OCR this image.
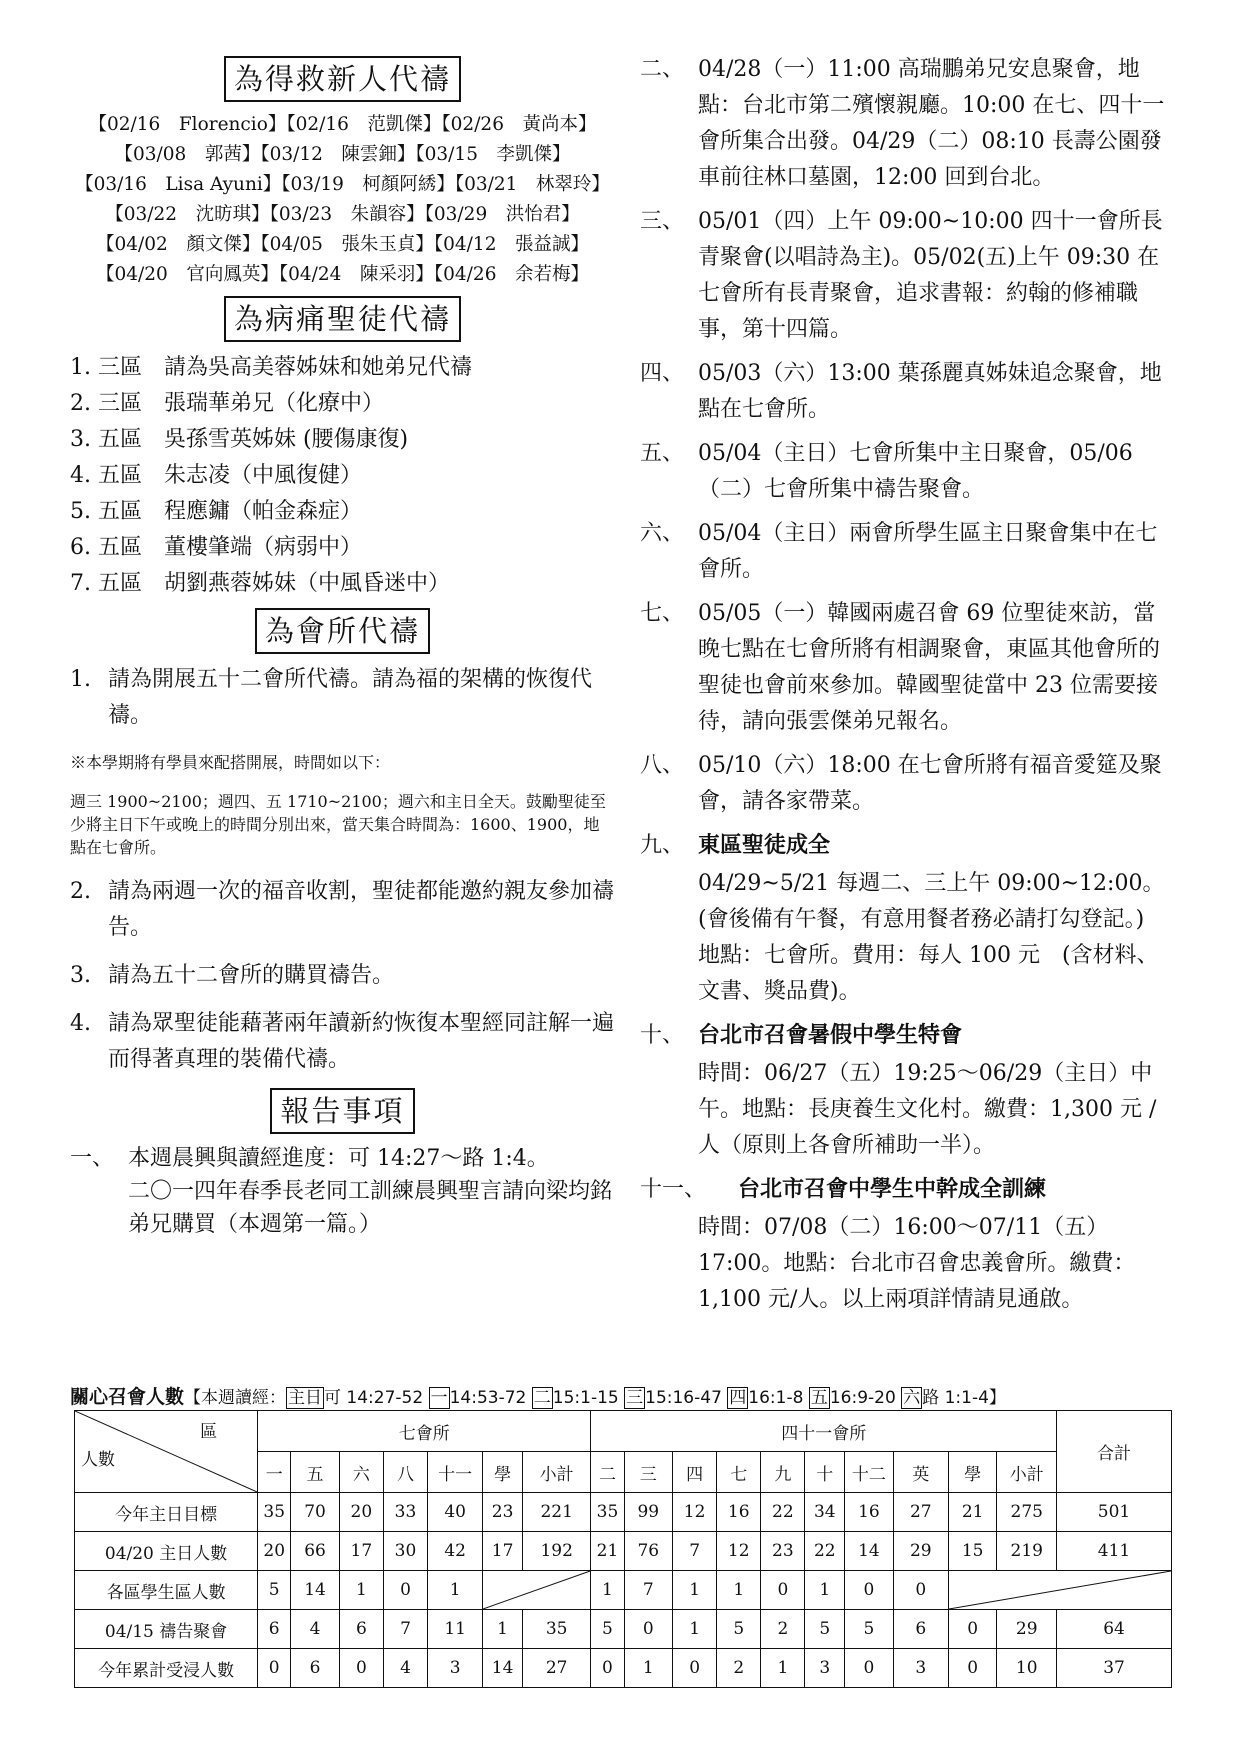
為得救新人代禱
【02/16　Florencio】【02/16　范凱傑】【02/26　黃尚本】
【03/08　郭茜】【03/12　陳雲鈿】【03/15　李凱傑】
【03/16　Lisa Ayuni】【03/19　柯顏阿綉】【03/21　林翠玲】
【03/22　沈昉琪】【03/23　朱韻容】【03/29　洪怡君】
【04/02　顏文傑】【04/05　張朱玉貞】【04/12　張益誠】
【04/20　官向鳳英】【04/24　陳采羽】【04/26　余若梅】
為病痛聖徒代禱
1. 三區　請為吳高美蓉姊妹和她弟兄代禱
2. 三區　張瑞華弟兄（化療中）
3. 五區　吳孫雪英姊妹 (腰傷康復)
4. 五區　朱志凌（中風復健）
5. 五區　程應鏞（帕金森症）
6. 五區　董樓肇端（病弱中）
7. 五區　胡劉燕蓉姊妹（中風昏迷中）
為會所代禱
1. 請為開展五十二會所代禱。請為福的架構的恢復代禱。

※本學期將有學員來配搭開展，時間如以下：

週三 1900~2100；週四、五 1710~2100；週六和主日全天。鼓勵聖徒至少將主日下午或晚上的時間分別出來，當天集合時間為：1600、1900，地點在七會所。

2. 請為兩週一次的福音收割，聖徒都能邀約親友參加禱告。
3. 請為五十二會所的購買禱告。
4. 請為眾聖徒能藉著兩年讀新約恢復本聖經同註解一遍而得著真理的裝備代禱。
報告事項
一、 本週晨興與讀經進度：可 14:27～路 1:4。
二〇一四年春季長老同工訓練晨興聖言請向梁均銘弟兄購買（本週第一篇。）
二、 04/28（一）11:00 高瑞鵬弟兄安息聚會，地點：台北市第二殯懷親廳。10:00 在七、四十一會所集合出發。04/29（二）08:10 長壽公園發車前往林口墓園，12:00 回到台北。
三、 05/01（四）上午 09:00~10:00 四十一會所長青聚會(以唱詩為主)。05/02(五)上午 09:30 在七會所有長青聚會，追求書報：約翰的修補職事，第十四篇。
四、 05/03（六）13:00 葉孫麗真姊妹追念聚會，地點在七會所。
五、 05/04（主日）七會所集中主日聚會，05/06（二）七會所集中禱告聚會。
六、 05/04（主日）兩會所學生區主日聚會集中在七會所。
七、 05/05（一）韓國兩處召會 69 位聖徒來訪，當晚七點在七會所將有相調聚會，東區其他會所的聖徒也會前來參加。韓國聖徒當中 23 位需要接待，請向張雲傑弟兄報名。
八、 05/10（六）18:00 在七會所將有福音愛筵及聚會，請各家帶菜。
九、 東區聖徒成全
04/29~5/21 每週二、三上午 09:00~12:00。(會後備有午餐，有意用餐者務必請打勾登記。) 地點：七會所。費用：每人 100 元　(含材料、文書、獎品費)。
十、 台北市召會暑假中學生特會
時間：06/27（五）19:25～06/29（主日）中午。地點：長庚養生文化村。繳費：1,300 元 /人（原則上各會所補助一半）。
十一、	台北市召會中學生中幹成全訓練
時間：07/08（二）16:00～07/11（五）17:00。地點：台北市召會忠義會所。繳費：1,100 元/人。以上兩項詳情請見通啟。
關心召會人數【本週讀經： 主日 可 14:27-52 一 14:53-72 二 15:1-15 三 15:16-47 四 16:1-8 五 16:9-20 六 路 1:1-4】
區
人數	七會所							四十一會所										合計
	一	五	六	八	十一	學	小計	二	三	四	七	九	十	十二	英	學	小計	
今年主日目標	35	70	20	33	40	23	221	35	99	12	16	22	34	16	27	21	275	501
04/20 主日人數	20	66	17	30	42	17	192	21	76	7	12	23	22	14	29	15	219	411
各區學生區人數	5	14	1	0	1			1	7	1	1	0	1	0	0	

04/15 禱告聚會	6	4	6	7	11	1	35	5	0	1	5	2	5	5	6	0	29	64
今年累計受浸人數	0	6	0	4	3	14	27	0	1	0	2	1	3	0	3	0	10	37
